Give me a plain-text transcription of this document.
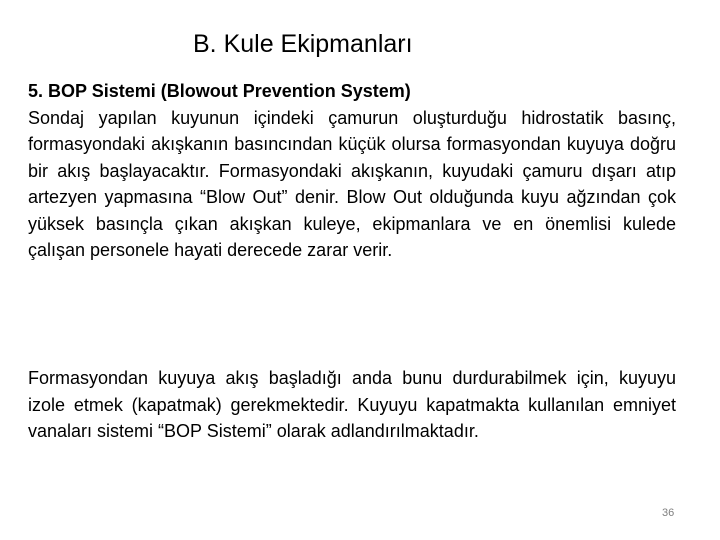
B. Kule Ekipmanları
5. BOP Sistemi (Blowout Prevention System)

Sondaj yapılan kuyunun içindeki çamurun oluşturduğu hidrostatik basınç, formasyondaki akışkanın basıncından küçük olursa formasyondan kuyuya doğru bir akış başlayacaktır. Formasyondaki akışkanın, kuyudaki çamuru dışarı atıp artezyen yapmasına “Blow Out” denir. Blow Out olduğunda kuyu ağzından çok yüksek basınçla çıkan akışkan kuleye, ekipmanlara ve en önemlisi kulede çalışan personele hayati derecede zarar verir.

Formasyondan kuyuya akış başladığı anda bunu durdurabilmek için, kuyuyu izole etmek (kapatmak) gerekmektedir. Kuyuyu kapatmakta kullanılan emniyet vanaları sistemi “BOP Sistemi” olarak adlandırılmaktadır.

36
